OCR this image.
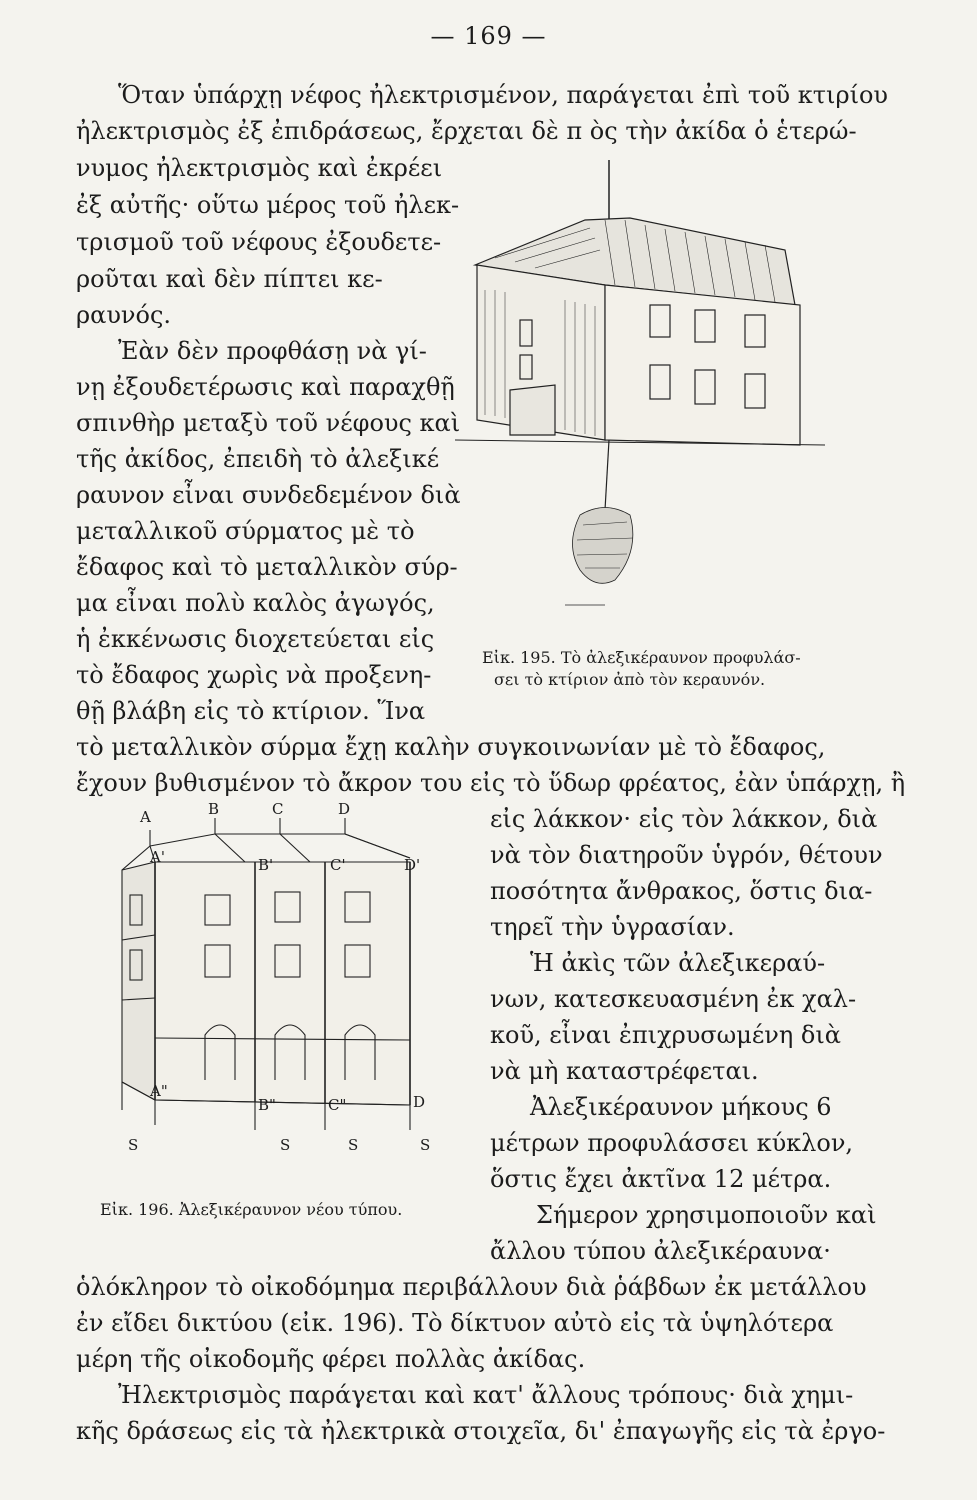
— 169 —
Ὅταν ὑπάρχῃ νέφος ἠλεκτρισμένον, παράγεται ἐπὶ τοῦ κτιρίου
ἠλεκτρισμὸς ἐξ ἐπιδράσεως, ἔρχεται δὲ π ὸς τὴν ἀκίδα ὁ ἑτερώ-
νυμος ἠλεκτρισμὸς καὶ ἐκρέει
ἐξ αὐτῆς· οὕτω μέρος τοῦ ἠλεκ-
τρισμοῦ τοῦ νέφους ἐξουδετε-
ροῦται καὶ δὲν πίπτει κε-
ραυνός.
Ἐὰν δὲν προφθάσῃ νὰ γί-
νῃ ἐξουδετέρωσις καὶ παραχθῇ
σπινθὴρ μεταξὺ τοῦ νέφους καὶ
τῆς ἀκίδος, ἐπειδὴ τὸ ἀλεξικέ
ραυνον εἶναι συνδεδεμένον διὰ
μεταλλικοῦ σύρματος μὲ τὸ
ἔδαφος καὶ τὸ μεταλλικὸν σύρ-
μα εἶναι πολὺ καλὸς ἀγωγός,
ἡ ἐκκένωσις διοχετεύεται εἰς
τὸ ἔδαφος χωρὶς νὰ προξενη-
θῇ βλάβη εἰς τὸ κτίριον. Ἵνα
Εἰκ. 195. Τὸ ἀλεξικέραυνον προφυλάσ-
σει τὸ κτίριον ἀπὸ τὸν κεραυνόν.
τὸ μεταλλικὸν σύρμα ἔχῃ καλὴν συγκοινωνίαν μὲ τὸ ἔδαφος,
ἔχουν βυθισμένον τὸ ἄκρον του εἰς τὸ ὕδωρ φρέατος, ἐὰν ὑπάρχῃ, ἢ
εἰς λάκκον· εἰς τὸν λάκκον, διὰ
νὰ τὸν διατηροῦν ὑγρόν, θέτουν
ποσότητα ἄνθρακος, ὅστις δια-
τηρεῖ τὴν ὑγρασίαν.
Ἡ ἀκὶς τῶν ἀλεξικεραύ-
νων, κατεσκευασμένη ἐκ χαλ-
κοῦ, εἶναι ἐπιχρυσωμένη διὰ
νὰ μὴ καταστρέφεται.
Ἀλεξικέραυνον μήκους 6
μέτρων προφυλάσσει κύκλον,
ὅστις ἔχει ἀκτῖνα 12 μέτρα.
Σήμερον χρησιμοποιοῦν καὶ
ἄλλου τύπου ἀλεξικέραυνα·
A	B	C	D
A'	B'	C'	D'
A"
B"	C"	D
S	S	S	S
Εἰκ. 196. Ἀλεξικέραυνον νέου τύπου.
ὁλόκληρον τὸ οἰκοδόμημα περιβάλλουν διὰ ῥάβδων ἐκ μετάλλου
ἐν εἴδει δικτύου (εἰκ. 196). Τὸ δίκτυον αὐτὸ εἰς τὰ ὑψηλότερα
μέρη τῆς οἰκοδομῆς φέρει πολλὰς ἀκίδας.
Ἠλεκτρισμὸς παράγεται καὶ κατ' ἄλλους τρόπους· διὰ χημι-
κῆς δράσεως εἰς τὰ ἠλεκτρικὰ στοιχεῖα, δι' ἐπαγωγῆς εἰς τὰ ἐργο-
